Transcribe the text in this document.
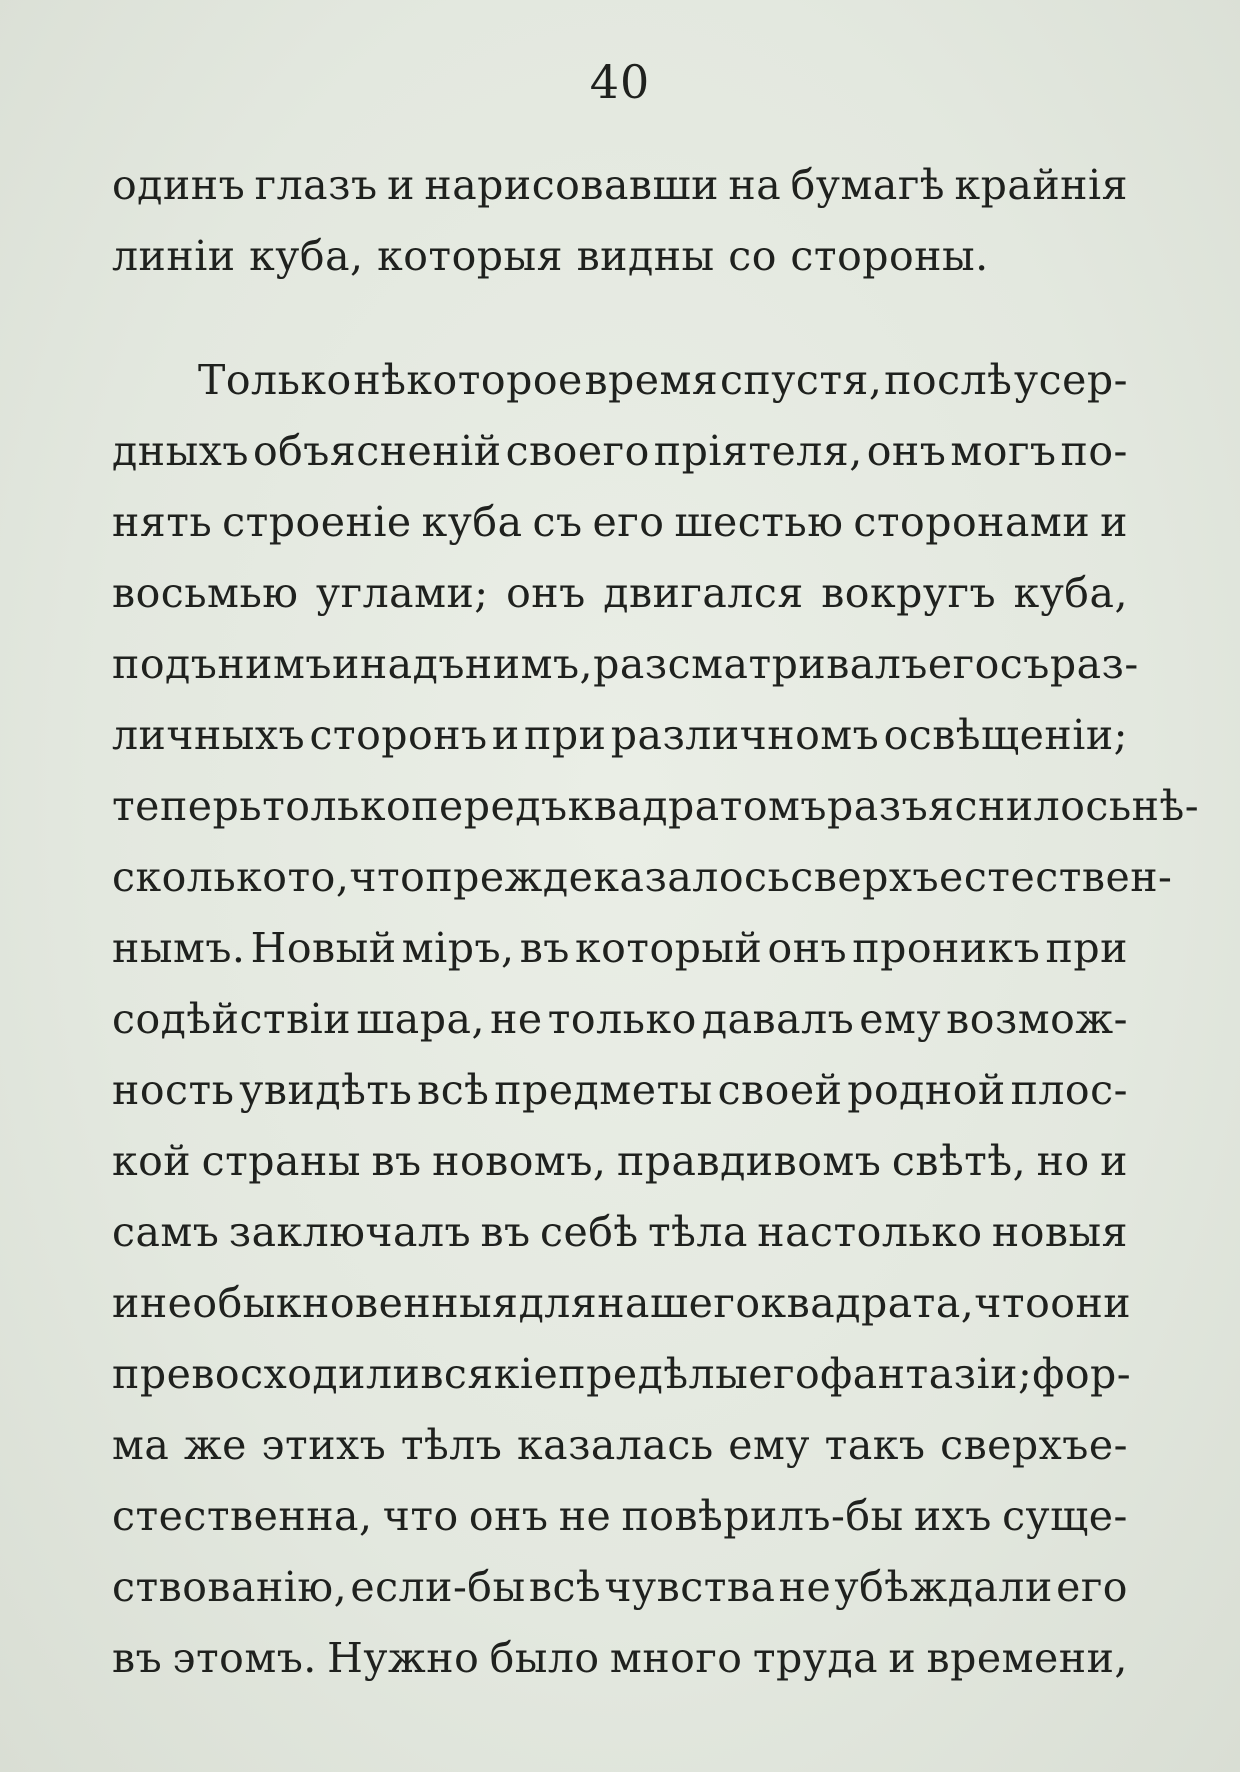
40
одинъ глазъ и нарисовавши на бумагѣ крайнія
линіи куба, которыя видны со стороны.
Только нѣкоторое время спустя, послѣ усер-
дныхъ объясненій своего пріятеля, онъ могъ по-
нять строеніе куба съ его шестью сторонами и
восьмью углами; онъ двигался вокругъ куба,
подъ нимъ и надъ нимъ, разсматривалъ его съ раз-
личныхъ сторонъ и при различномъ освѣщеніи;
теперь только передъ квадратомъ разъяснилось нѣ-
сколько то, что прежде казалось сверхъестествен-
нымъ. Новый міръ, въ который онъ проникъ при
содѣйствіи шара, не только давалъ ему возмож-
ность увидѣть всѣ предметы своей родной плос-
кой страны въ новомъ, правдивомъ свѣтѣ, но и
самъ заключалъ въ себѣ тѣла настолько новыя
и необыкновенныя для нашего квадрата, что они
превосходили всякіе предѣлы его фантазіи; фор-
ма же этихъ тѣлъ казалась ему такъ сверхъе-
стественна, что онъ не повѣрилъ-бы ихъ суще-
ствованію, если-бы всѣ чувства не убѣждали его
въ этомъ. Нужно было много труда и времени,
